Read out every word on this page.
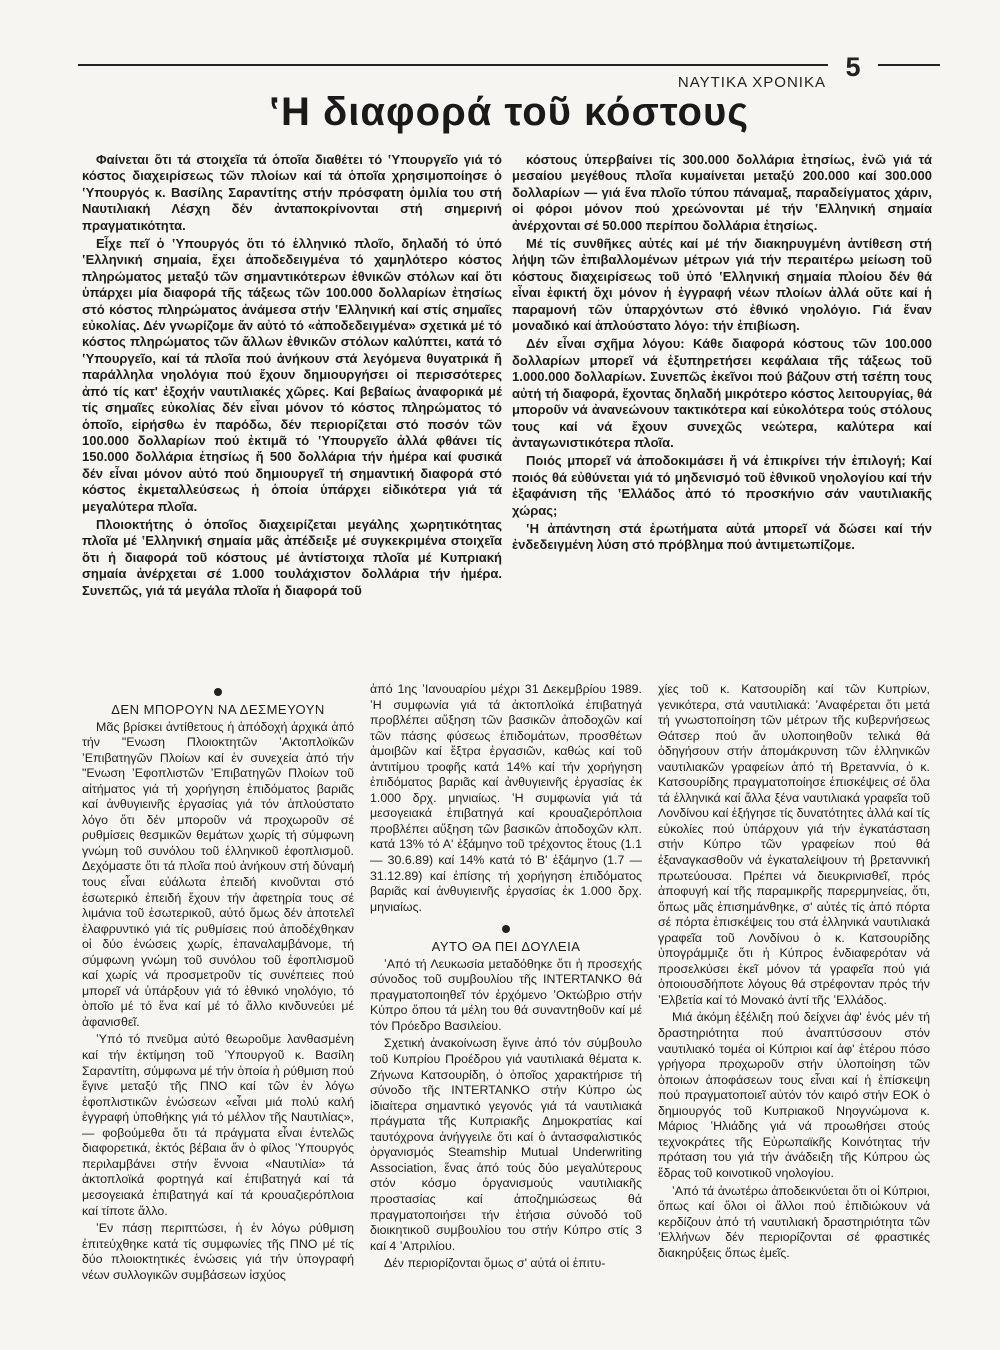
ΝΑΥΤΙΚΑ ΧΡΟΝΙΚΑ
5
ʽΗ διαφορά τοῦ κόστους

Φαίνεται ὅτι τά στοιχεῖα τά ὁποῖα διαθέτει τό ʽΥπουργεῖο γιά τό κόστος διαχειρίσεως τῶν πλοίων καί τά ὁποῖα χρησιμοποίησε ὁ ʽΥπουργός κ. Βασίλης Σαραντίτης στήν πρόσφατη ὁμιλία του στή Ναυτιλιακή Λέσχη δέν ἀνταποκρίνονται στή σημερινή πραγματικότητα.

Εἶχε πεῖ ὁ ʽΥπουργός ὅτι τό ἑλληνικό πλοῖο, δηλαδή τό ὑπό ʽΕλληνική σημαία, ἔχει ἀποδεδειγμένα τό χαμηλότερο κόστος πληρώματος μεταξύ τῶν σημαντικότερων ἐθνικῶν στόλων καί ὅτι ὑπάρχει μία διαφορά τῆς τάξεως τῶν 100.000 δολλαρίων ἐτησίως στό κόστος πληρώματος ἀνάμεσα στήν ʽΕλληνική καί στίς σημαῖες εὐκολίας. Δέν γνωρίζομε ἄν αὐτό τό «ἀποδεδειγμένα» σχετικά μέ τό κόστος πληρώματος τῶν ἄλλων ἐθνικῶν στόλων καλύπτει, κατά τό ʽΥπουργεῖο, καί τά πλοῖα πού ἀνήκουν στά λεγόμενα θυγατρικά ἤ παράλληλα νηολόγια πού ἔχουν δημιουργήσει οἱ περισσότερες ἀπό τίς κατ' ἐξοχήν ναυτιλιακές χῶρες. Καί βεβαίως ἀναφορικά μέ τίς σημαῖες εὐκολίας δέν εἶναι μόνον τό κόστος πληρώματος τό ὁποῖο, εἰρήσθω ἐν παρόδω, δέν περιορίζεται στό ποσόν τῶν 100.000 δολλαρίων πού ἐκτιμᾶ τό ʽΥπουργεῖο ἀλλά φθάνει τίς 150.000 δολλάρια ἐτησίως ἤ 500 δολλάρια τήν ἡμέρα καί φυσικά δέν εἶναι μόνον αὐτό πού δημιουργεῖ τή σημαντική διαφορά στό κόστος ἐκμεταλλεύσεως ἡ ὁποία ὑπάρχει εἰδικότερα γιά τά μεγαλύτερα πλοῖα.

Πλοιοκτήτης ὁ ὁποῖος διαχειρίζεται μεγάλης χωρητικότητας πλοῖα μέ ʽΕλληνική σημαία μᾶς ἀπέδειξε μέ συγκεκριμένα στοιχεῖα ὅτι ἡ διαφορά τοῦ κόστους μέ ἀντίστοιχα πλοῖα μέ Κυπριακή σημαία ἀνέρχεται σέ 1.000 τουλάχιστον δολλάρια τήν ἡμέρα. Συνεπῶς, γιά τά μεγάλα πλοῖα ἡ διαφορά τοῦ

κόστους ὑπερβαίνει τίς 300.000 δολλάρια ἐτησίως, ἐνῶ γιά τά μεσαίου μεγέθους πλοῖα κυμαίνεται μεταξύ 200.000 καί 300.000 δολλαρίων — γιά ἕνα πλοῖο τύπου πάναμαξ, παραδείγματος χάριν, οἱ φόροι μόνον πού χρεώνονται μέ τήν ʽΕλληνική σημαία ἀνέρχονται σέ 50.000 περίπου δολλάρια ἐτησίως.

Μέ τίς συνθῆκες αὐτές καί μέ τήν διακηρυγμένη ἀντίθεση στή λήψη τῶν ἐπιβαλλομένων μέτρων γιά τήν περαιτέρω μείωση τοῦ κόστους διαχειρίσεως τοῦ ὑπό ʽΕλληνική σημαία πλοίου δέν θά εἶναι ἐφικτή ὄχι μόνον ἡ ἐγγραφή νέων πλοίων ἀλλά οὔτε καί ἡ παραμονή τῶν ὑπαρχόντων στό ἐθνικό νηολόγιο. Γιά ἕναν μοναδικό καί ἁπλούστατο λόγο: τήν ἐπιβίωση.

Δέν εἶναι σχῆμα λόγου: Κάθε διαφορά κόστους τῶν 100.000 δολλαρίων μπορεῖ νά ἐξυπηρετήσει κεφάλαια τῆς τάξεως τοῦ 1.000.000 δολλαρίων. Συνεπῶς ἐκεῖνοι πού βάζουν στή τσέπη τους αὐτή τή διαφορά, ἔχοντας δηλαδή μικρότερο κόστος λειτουργίας, θά μποροῦν νά ἀνανεώνουν τακτικότερα καί εὐκολότερα τούς στόλους τους καί νά ἔχουν συνεχῶς νεώτερα, καλύτερα καί ἀνταγωνιστικότερα πλοῖα.

Ποιός μπορεῖ νά ἀποδοκιμάσει ἤ νά ἐπικρίνει τήν ἐπιλογή; Καί ποιός θά εὐθύνεται γιά τό μηδενισμό τοῦ ἐθνικοῦ νηολογίου καί τήν ἐξαφάνιση τῆς ʽΕλλάδος ἀπό τό προσκήνιο σάν ναυτιλιακῆς χώρας;

ʽΗ ἀπάντηση στά ἐρωτήματα αὐτά μπορεῖ νά δώσει καί τήν ἐνδεδειγμένη λύση στό πρόβλημα πού ἀντιμετωπίζομε.

ΔΕΝ ΜΠΟΡΟΥΝ ΝΑ ΔΕΣΜΕΥΟΥΝ

Μᾶς βρίσκει ἀντίθετους ἡ ἀπόδοχή ἀρχικά ἀπό τήν "Ενωση Πλοιοκτητῶν ʼΑκτοπλοϊκῶν ʼΕπιβατηγῶν Πλοίων καί ἐν συνεχεία ἀπό τήν "Ενωση ʼΕφοπλιστῶν ʼΕπιβατηγῶν Πλοίων τοῦ αἰτήματος γιά τή χορήγηση ἐπιδόματος βαριᾶς καί ἀνθυγιεινῆς ἐργασίας γιά τόν ἁπλούστατο λόγο ὅτι δέν μποροῦν νά προχωροῦν σέ ρυθμίσεις θεσμικῶν θεμάτων χωρίς τή σύμφωνη γνώμη τοῦ συνόλου τοῦ ἑλληνικοῦ ἐφοπλισμοῦ. Δεχόμαστε ὅτι τά πλοῖα πού ἀνήκουν στή δύναμή τους εἶναι εὐάλωτα ἐπειδή κινοῦνται στό ἐσωτερικό ἐπειδή ἔχουν τήν ἀφετηρία τους σέ λιμάνια τοῦ ἐσωτερικοῦ, αὐτό ὅμως δέν ἀποτελεῖ ἐλαφρυντικό γιά τίς ρυθμίσεις πού ἀποδέχθηκαν οἱ δύο ἑνώσεις χωρίς, ἐπαναλαμβάνομε, τή σύμφωνη γνώμη τοῦ συνόλου τοῦ ἐφοπλισμοῦ καί χωρίς νά προσμετροῦν τίς συνέπειες πού μπορεῖ νά ὑπάρξουν γιά τό ἐθνικό νηολόγιο, τό ὁποῖο μέ τό ἕνα καί μέ τό ἄλλο κινδυνεύει μέ ἀφανισθεῖ.

ʽΥπό τό πνεῦμα αὐτό θεωροῦμε λανθασμένη καί τήν ἐκτίμηση τοῦ ʽΥπουργοῦ κ. Βασίλη Σαραντίτη, σύμφωνα μέ τήν ὁποία ἡ ρύθμιση πού ἔγινε μεταξύ τῆς ΠΝΟ καί τῶν ἐν λόγω ἐφοπλιστικῶν ἑνώσεων «εἶναι μιά πολύ καλή ἐγγραφή ὑποθήκης γιά τό μέλλον τῆς Ναυτιλίας», — φοβούμεθα ὅτι τά πράγματα εἶναι ἐντελῶς διαφορετικά, ἐκτός βέβαια ἄν ὁ φίλος ʽΥπουργός περιλαμβάνει στήν ἔννοια «Ναυτιλία» τά ἀκτοπλοϊκά φορτηγά καί ἐπιβατηγά καί τά μεσογειακά ἐπιβατηγά καί τά κρουαζιερόπλοια καί τίποτε ἄλλο.

ʼΕν πάσῃ περιπτώσει, ἡ ἐν λόγω ρύθμιση ἐπιτεύχθηκε κατά τίς συμφωνίες τῆς ΠΝΟ μέ τίς δύο πλοιοκτητικές ἑνώσεις γιά τήν ὑπογραφή νέων συλλογικῶν συμβάσεων ἰσχύος

ἀπό 1ης ʼΙανουαρίου μέχρι 31 Δεκεμβρίου 1989. ʽΗ συμφωνία γιά τά ἀκτοπλοϊκά ἐπιβατηγά προβλέπει αὔξηση τῶν βασικῶν ἀποδοχῶν καί τῶν πάσης φύσεως ἐπιδομάτων, προσθέτων ἀμοιβῶν καί ἔξτρα ἐργασιῶν, καθώς καί τοῦ ἀντιτίμου τροφῆς κατά 14% καί τήν χορήγηση ἐπιδόματος βαριᾶς καί ἀνθυγιεινῆς ἐργασίας ἐκ 1.000 δρχ. μηνιαίως. ʽΗ συμφωνία γιά τά μεσογειακά ἐπιβατηγά καί κρουαζιερόπλοια προβλέπει αὔξηση τῶν βασικῶν ἀποδοχῶν κλπ. κατά 13% τό Α' ἑξάμηνο τοῦ τρέχοντος ἔτους (1.1 — 30.6.89) καί 14% κατά τό Β' ἑξάμηνο (1.7 — 31.12.89) καί ἐπίσης τή χορήγηση ἐπιδόματος βαριᾶς καί ἀνθυγιεινῆς ἐργασίας ἐκ 1.000 δρχ. μηνιαίως.

ΑΥΤΟ ΘΑ ΠΕΙ ΔΟΥΛΕΙΑ

ʼΑπό τή Λευκωσία μεταδόθηκε ὅτι ἡ προσεχής σύνοδος τοῦ συμβουλίου τῆς INTERTANKO θά πραγματοποιηθεῖ τόν ἐρχόμενο ʼΟκτώβριο στήν Κύπρο ὅπου τά μέλη του θά συναντηθοῦν καί μέ τόν Πρόεδρο Βασιλείου.

Σχετική ἀνακοίνωση ἔγινε ἀπό τόν σύμβουλο τοῦ Κυπρίου Προέδρου γιά ναυτιλιακά θέματα κ. Ζήνωνα Κατσουρίδη, ὁ ὁποῖος χαρακτήρισε τή σύνοδο τῆς INTERTANKO στήν Κύπρο ὡς ἰδιαίτερα σημαντικό γεγονός γιά τά ναυτιλιακά πράγματα τῆς Κυπριακῆς Δημοκρατίας καί ταυτόχρονα ἀνήγγειλε ὅτι καί ὁ ἀντασφαλιστικός ὀργανισμός Steamship Mutual Underwriting Association, ἕνας ἀπό τούς δύο μεγαλύτερους στόν κόσμο ὀργανισμούς ναυτιλιακῆς προστασίας καί ἀποζημιώσεως θά πραγματοποιήσει τήν ἐτήσια σύνοδό τοῦ διοικητικοῦ συμβουλίου του στήν Κύπρο στίς 3 καί 4 ʼΑπριλίου.

Δέν περιορίζονται ὅμως σ' αὐτά οἱ ἐπιτυ-

χίες τοῦ κ. Κατσουρίδη καί τῶν Κυπρίων, γενικότερα, στά ναυτιλιακά: ʼΑναφέρεται ὅτι μετά τή γνωστοποίηση τῶν μέτρων τῆς κυβερνήσεως Θάτσερ πού ἄν υλοποιηθοῦν τελικά θά ὁδηγήσουν στήν ἀπομάκρυνση τῶν ἑλληνικῶν ναυτιλιακῶν γραφείων ἀπό τή Βρεταννία, ὁ κ. Κατσουρίδης πραγματοποίησε ἐπισκέψεις σέ ὅλα τά ἑλληνικά καί ἄλλα ξένα ναυτιλιακά γραφεῖα τοῦ Λονδίνου καί ἐξήγησε τίς δυνατότητες ἀλλά καί τίς εὐκολίες πού ὑπάρχουν γιά τήν ἐγκατάσταση στήν Κύπρο τῶν γραφείων πού θά ἐξαναγκασθοῦν νά ἐγκαταλείψουν τή βρεταννική πρωτεύουσα. Πρέπει νά διευκρινισθεῖ, πρός ἀποφυγή καί τῆς παραμικρῆς παρερμηνείας, ὅτι, ὅπως μᾶς ἐπισημάνθηκε, σ' αὐτές τίς ἀπό πόρτα σέ πόρτα ἐπισκέψεις του στά ἑλληνικά ναυτιλιακά γραφεῖα τοῦ Λονδίνου ὁ κ. Κατσουρίδης ὑπογράμμιζε ὅτι ἡ Κύπρος ἐνδιαφερόταν νά προσελκύσει ἐκεῖ μόνον τά γραφεῖα πού γιά ὁποιουσδήποτε λόγους θά στρέφονταν πρός τήν ʽΕλβετία καί τό Μονακό ἀντί τῆς ʽΕλλάδος.

Μιά ἀκόμη ἐξέλιξη πού δείχνει ἀφ' ἑνός μέν τή δραστηριότητα πού ἀναπτύσσουν στόν ναυτιλιακό τομέα οἱ Κύπριοι καί ἀφ' ἑτέρου πόσο γρήγορα προχωροῦν στήν ὑλοποίηση τῶν ὁποιων ἀποφάσεων τους εἶναι καί ἡ ἐπίσκεψη πού πραγματοποιεῖ αὐτόν τόν καιρό στήν ΕΟΚ ὁ δημιουργός τοῦ Κυπριακοῦ Νηογνώμονα κ. Μάριος ʽΗλιάδης γιά νά προωθήσει στούς τεχνοκράτες τῆς Εὐρωπαϊκῆς Κοινότητας τήν πρόταση του γιά τήν ἀνάδειξη τῆς Κύπρου ὡς ἕδρας τοῦ κοινοτικοῦ νηολογίου.

ʼΑπό τά ἀνωτέρω ἀποδεικνύεται ὅτι οἱ Κύπριοι, ὅπως καί ὅλοι οἱ ἄλλοι πού ἐπιδιώκουν νά κερδίζουν ἀπό τή ναυτιλιακή δραστηριότητα τῶν ʽΕλλήνων δέν περιορίζονται σέ φραστικές διακηρύξεις ὅπως ἐμεῖς.
